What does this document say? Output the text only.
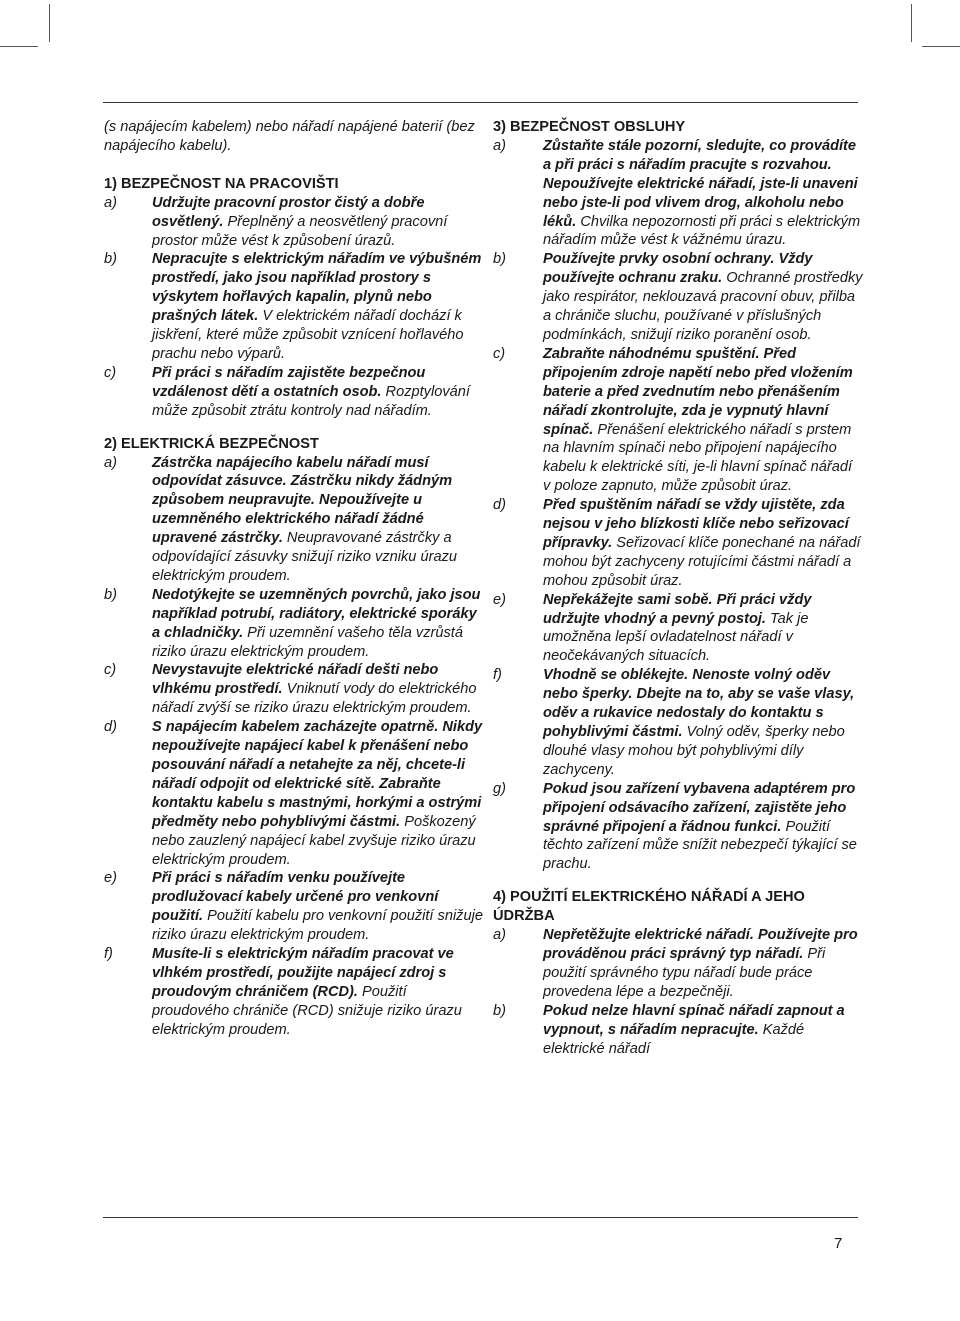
(s napájecím kabelem) nebo nářadí napájené baterií (bez napájecího kabelu).

1) BEZPEČNOST NA PRACOVIŠTI

a)	Udržujte pracovní prostor čistý a dobře osvětlený. Přeplněný a neosvětlený pracovní prostor může vést k způsobení úrazů.
b)	Nepracujte s elektrickým nářadím ve výbušném prostředí, jako jsou například prostory s výskytem hořlavých kapalin, plynů nebo prašných látek. V elektrickém nářadí dochází k jiskření, které může způsobit vznícení hořlavého prachu nebo výparů.
c)	Při práci s nářadím zajistěte bezpečnou vzdálenost dětí a ostatních osob. Rozptylování může způsobit ztrátu kontroly nad nářadím.

2) ELEKTRICKÁ BEZPEČNOST

a)	Zástrčka napájecího kabelu nářadí musí odpovídat zásuvce. Zástrčku nikdy žádným způsobem neupravujte. Nepoužívejte u uzemněného elektrického nářadí žádné upravené zástrčky. Neupravované zástrčky a odpovídající zásuvky snižují riziko vzniku úrazu elektrickým proudem.
b)	Nedotýkejte se uzemněných povrchů, jako jsou například potrubí, radiátory, elektrické sporáky a chladničky. Při uzemnění vašeho těla vzrůstá riziko úrazu elektrickým proudem.
c)	Nevystavujte elektrické nářadí dešti nebo vlhkému prostředí. Vniknutí vody do elektrického nářadí zvýší se riziko úrazu elektrickým proudem.
d)	S napájecím kabelem zacházejte opatrně. Nikdy nepoužívejte napájecí kabel k přenášení nebo posouvání nářadí a netahejte za něj, chcete-li nářadí odpojit od elektrické sítě. Zabraňte kontaktu kabelu s mastnými, horkými a ostrými předměty nebo pohyblivými částmi. Poškozený nebo zauzlený napájecí kabel zvyšuje riziko úrazu elektrickým proudem.
e)	Při práci s nářadím venku používejte prodlužovací kabely určené pro venkovní použití. Použití kabelu pro venkovní použití snižuje riziko úrazu elektrickým proudem.
f)	Musíte-li s elektrickým nářadím pracovat ve vlhkém prostředí, použijte napájecí zdroj s proudovým chráničem (RCD). Použití proudového chrániče (RCD) snižuje riziko úrazu elektrickým proudem.

3) BEZPEČNOST OBSLUHY

a)	Zůstaňte stále pozorní, sledujte, co provádíte a při práci s nářadím pracujte s rozvahou. Nepoužívejte elektrické nářadí, jste-li unaveni nebo jste-li pod vlivem drog, alkoholu nebo léků. Chvilka nepozornosti při práci s elektrickým nářadím může vést k vážnému úrazu.
b)	Používejte prvky osobní ochrany. Vždy používejte ochranu zraku. Ochranné prostředky jako respirátor, neklouzavá pracovní obuv, přilba a chrániče sluchu, používané v příslušných podmínkách, snižují riziko poranění osob.
c)	Zabraňte náhodnému spuštění. Před připojením zdroje napětí nebo před vložením baterie a před zvednutím nebo přenášením nářadí zkontrolujte, zda je vypnutý hlavní spínač. Přenášení elektrického nářadí s prstem na hlavním spínači nebo připojení napájecího kabelu k elektrické síti, je-li hlavní spínač nářadí v poloze zapnuto, může způsobit úraz.
d)	Před spuštěním nářadí se vždy ujistěte, zda nejsou v jeho blízkosti klíče nebo seřizovací přípravky. Seřizovací klíče ponechané na nářadí mohou být zachyceny rotujícími částmi nářadí a mohou způsobit úraz.
e)	Nepřekážejte sami sobě. Při práci vždy udržujte vhodný a pevný postoj. Tak je umožněna lepší ovladatelnost nářadí v neočekávaných situacích.
f)	Vhodně se oblékejte. Nenoste volný oděv nebo šperky. Dbejte na to, aby se vaše vlasy, oděv a rukavice nedostaly do kontaktu s pohyblivými částmi. Volný oděv, šperky nebo dlouhé vlasy mohou být pohyblivými díly zachyceny.
g)	Pokud jsou zařízení vybavena adaptérem pro připojení odsávacího zařízení, zajistěte jeho správné připojení a řádnou funkci. Použití těchto zařízení může snížit nebezpečí týkající se prachu.

4) POUŽITÍ ELEKTRICKÉHO NÁŘADÍ A JEHO ÚDRŽBA

a)	Nepřetěžujte elektrické nářadí. Používejte pro prováděnou práci správný typ nářadí. Při použití správného typu nářadí bude práce provedena lépe a bezpečněji.
b)	Pokud nelze hlavní spínač nářadí zapnout a vypnout, s nářadím nepracujte. Každé elektrické nářadí
7
